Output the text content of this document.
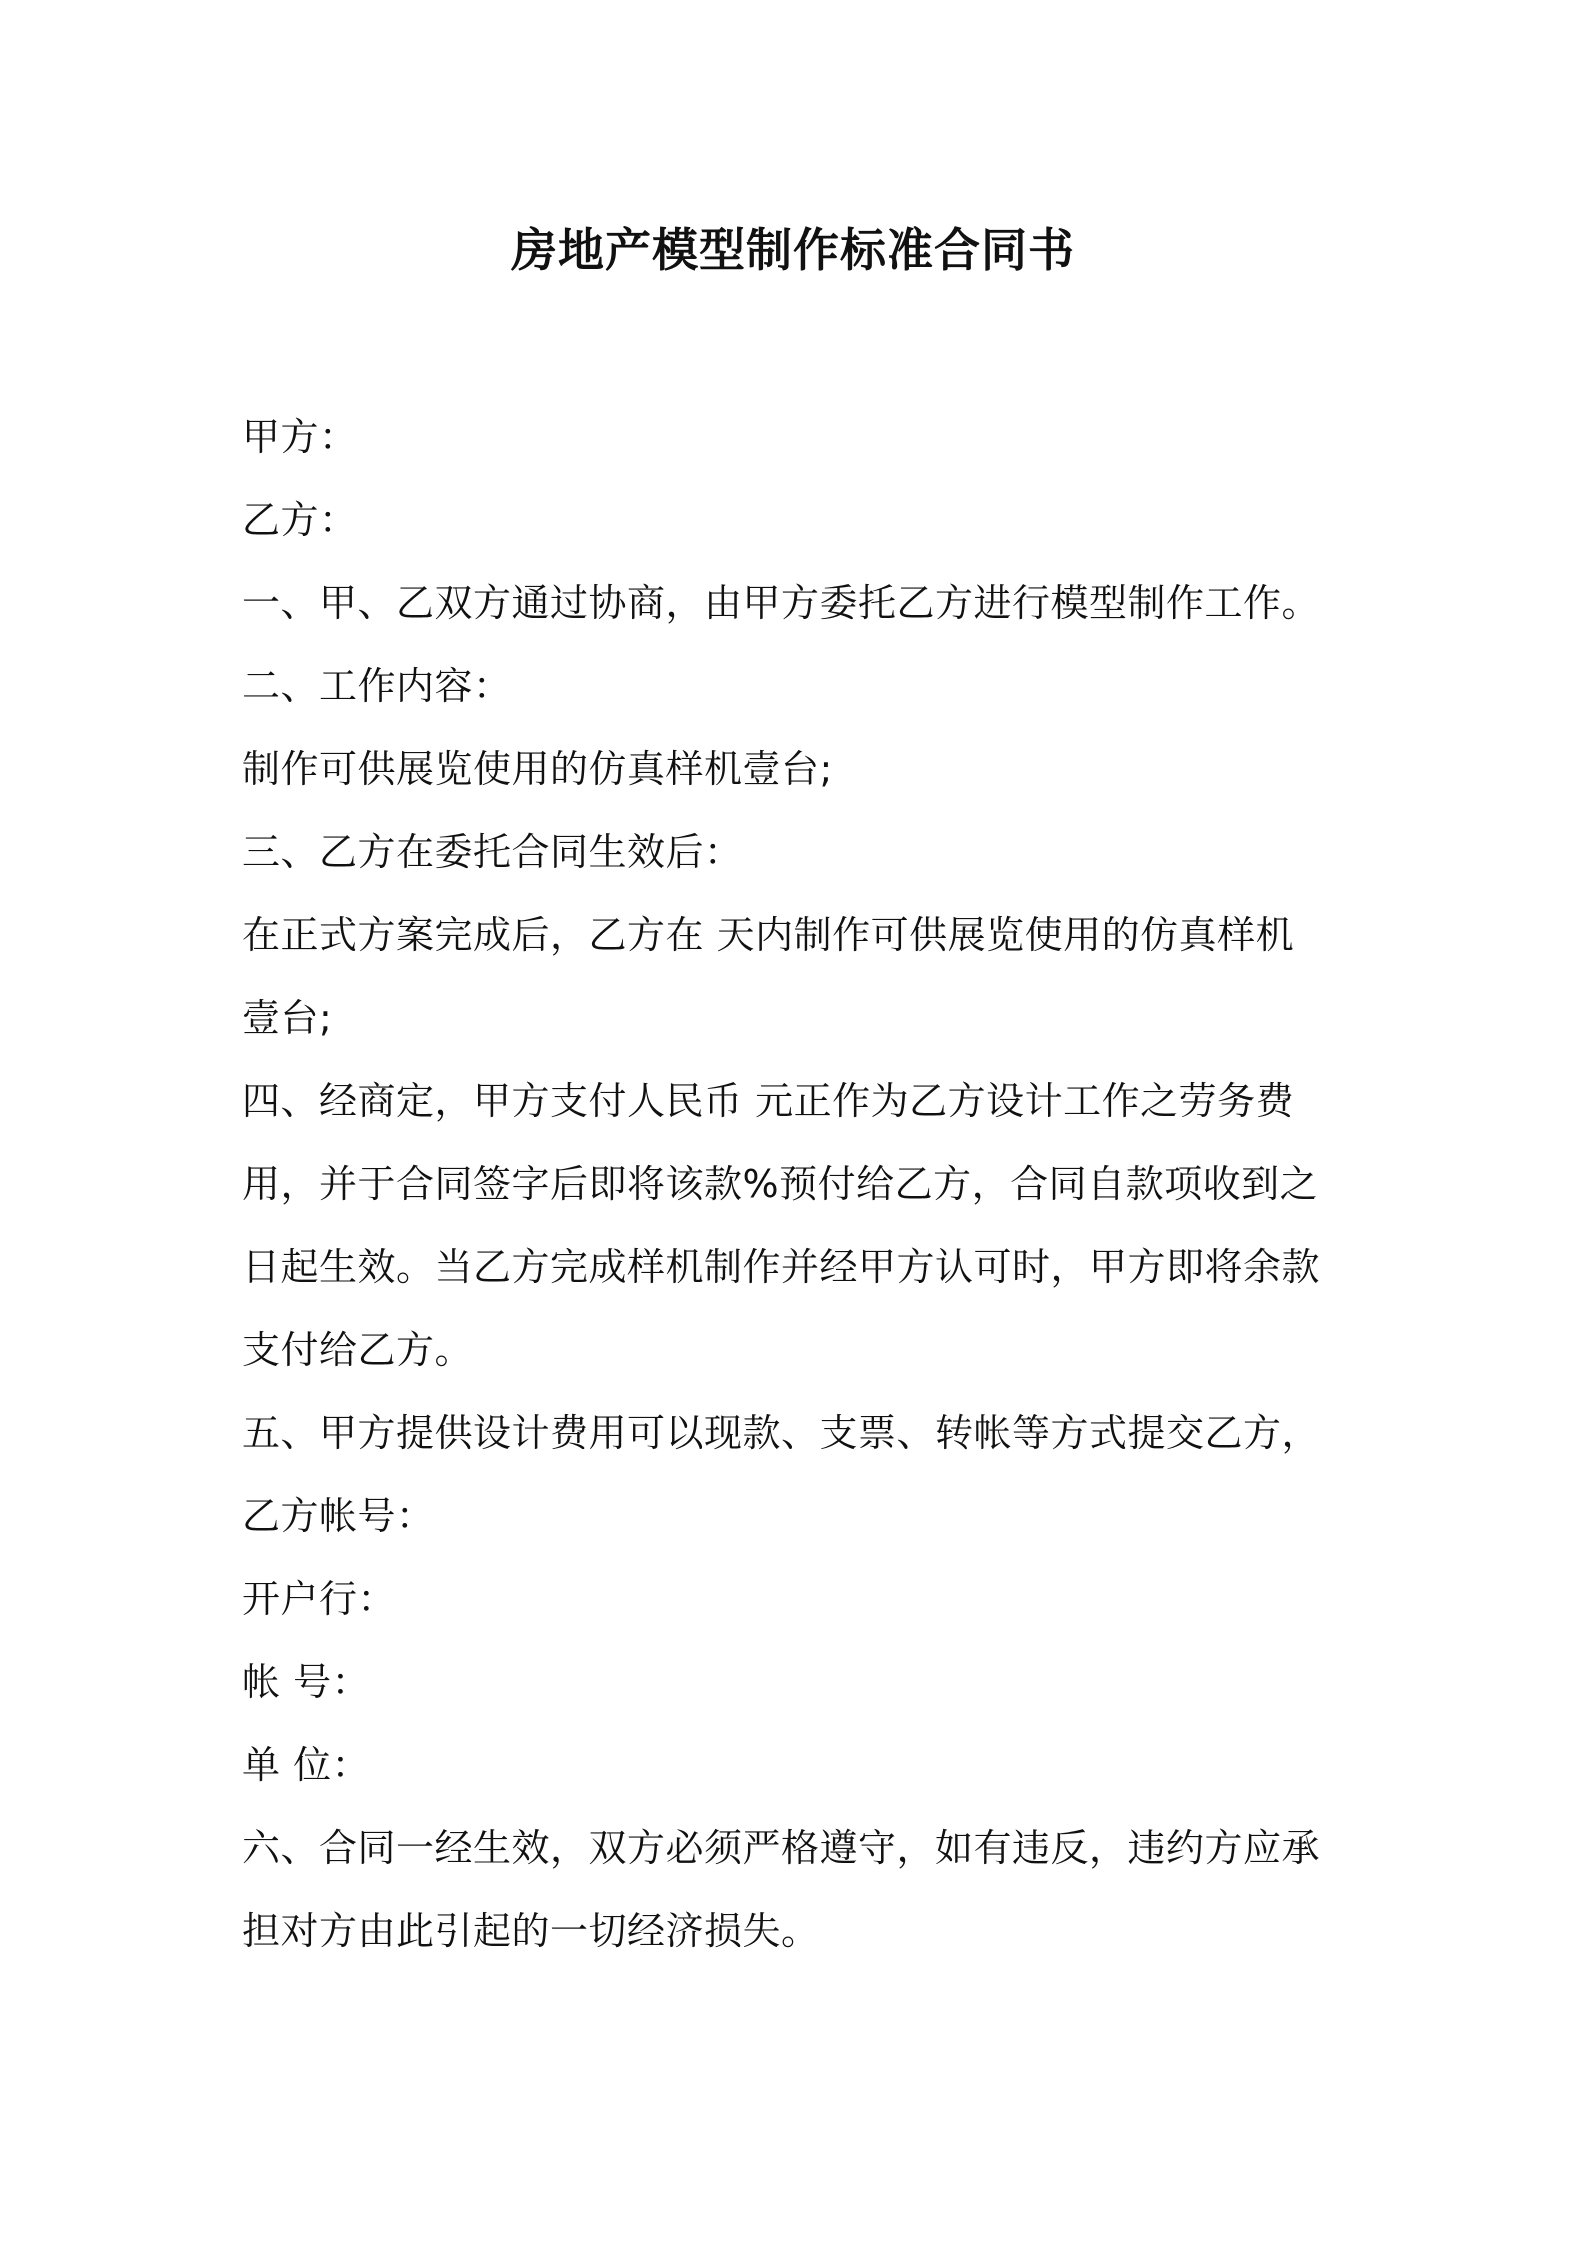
房地产模型制作标准合同书
甲方：
乙方：
一、甲、乙双方通过协商，由甲方委托乙方进行模型制作工作。
二、工作内容：
制作可供展览使用的仿真样机壹台;
三、乙方在委托合同生效后：
在正式方案完成后，乙方在 天内制作可供展览使用的仿真样机
壹台;
四、经商定，甲方支付人民币 元正作为乙方设计工作之劳务费
用，并于合同签字后即将该款%预付给乙方，合同自款项收到之
日起生效。当乙方完成样机制作并经甲方认可时，甲方即将余款
支付给乙方。
五、甲方提供设计费用可以现款、支票、转帐等方式提交乙方，
乙方帐号：
开户行：
帐 号：
单 位：
六、合同一经生效，双方必须严格遵守，如有违反，违约方应承
担对方由此引起的一切经济损失。
